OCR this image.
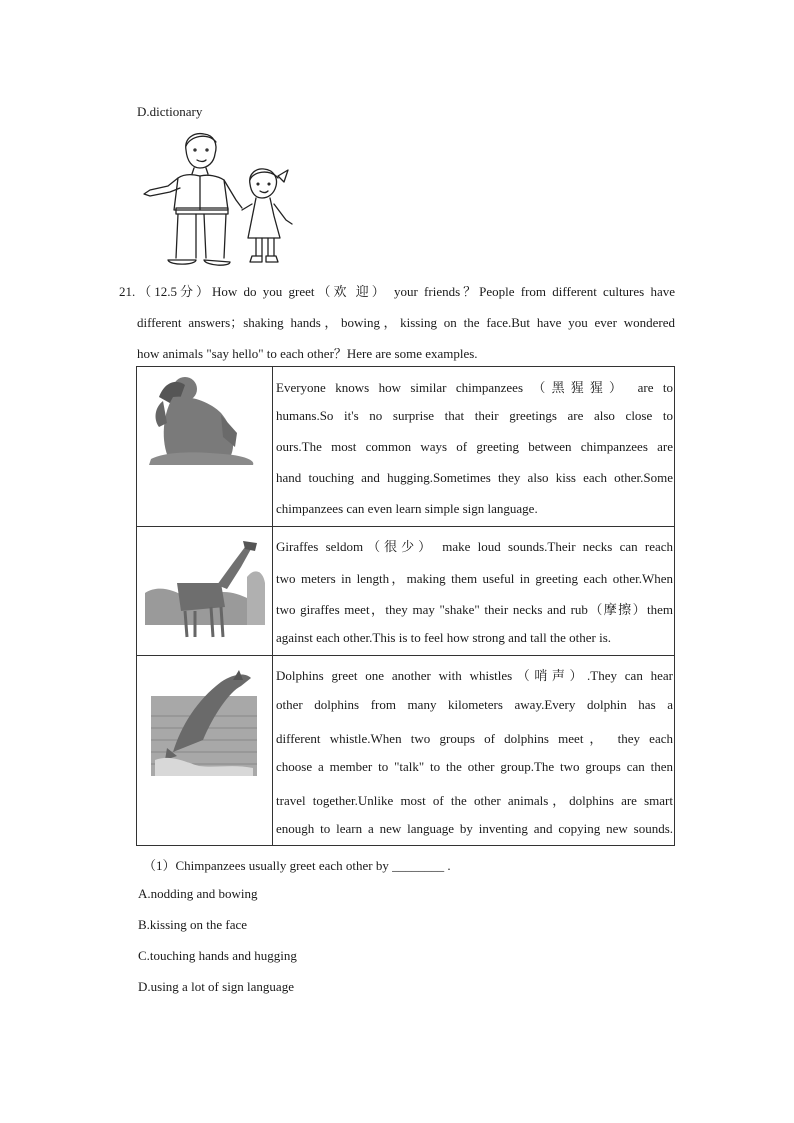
D.dictionary
21.（12.5分）How do you greet（欢 迎） your friends？People from different cultures have
different answers；shaking hands，bowing，kissing on the face.But have you ever wondered
how animals "say hello" to each other？Here are some examples.
Everyone knows how similar chimpanzees （黑猩猩） are to
humans.So it's no surprise that their greetings are also close to
ours.The most common ways of greeting between chimpanzees are
hand touching and hugging.Sometimes they also kiss each other.Some
chimpanzees can even learn simple sign language.
Giraffes seldom（很少） make loud sounds.Their necks can reach
two meters in length，making them useful in greeting each other.When
two giraffes meet，they may "shake" their necks and rub（摩擦）them
against each other.This is to feel how strong and tall the other is.
Dolphins greet one another with whistles（哨声）.They can hear
other dolphins from many kilometers away.Every dolphin has a
different whistle.When two groups of dolphins meet， they each
choose a member to "talk" to the other group.The two groups can then
travel together.Unlike most of the other animals，dolphins are smart
enough to learn a new language by inventing and copying new sounds.
（1）Chimpanzees usually greet each other by ________ .
A.nodding and bowing
B.kissing on the face
C.touching hands and hugging
D.using a lot of sign language
